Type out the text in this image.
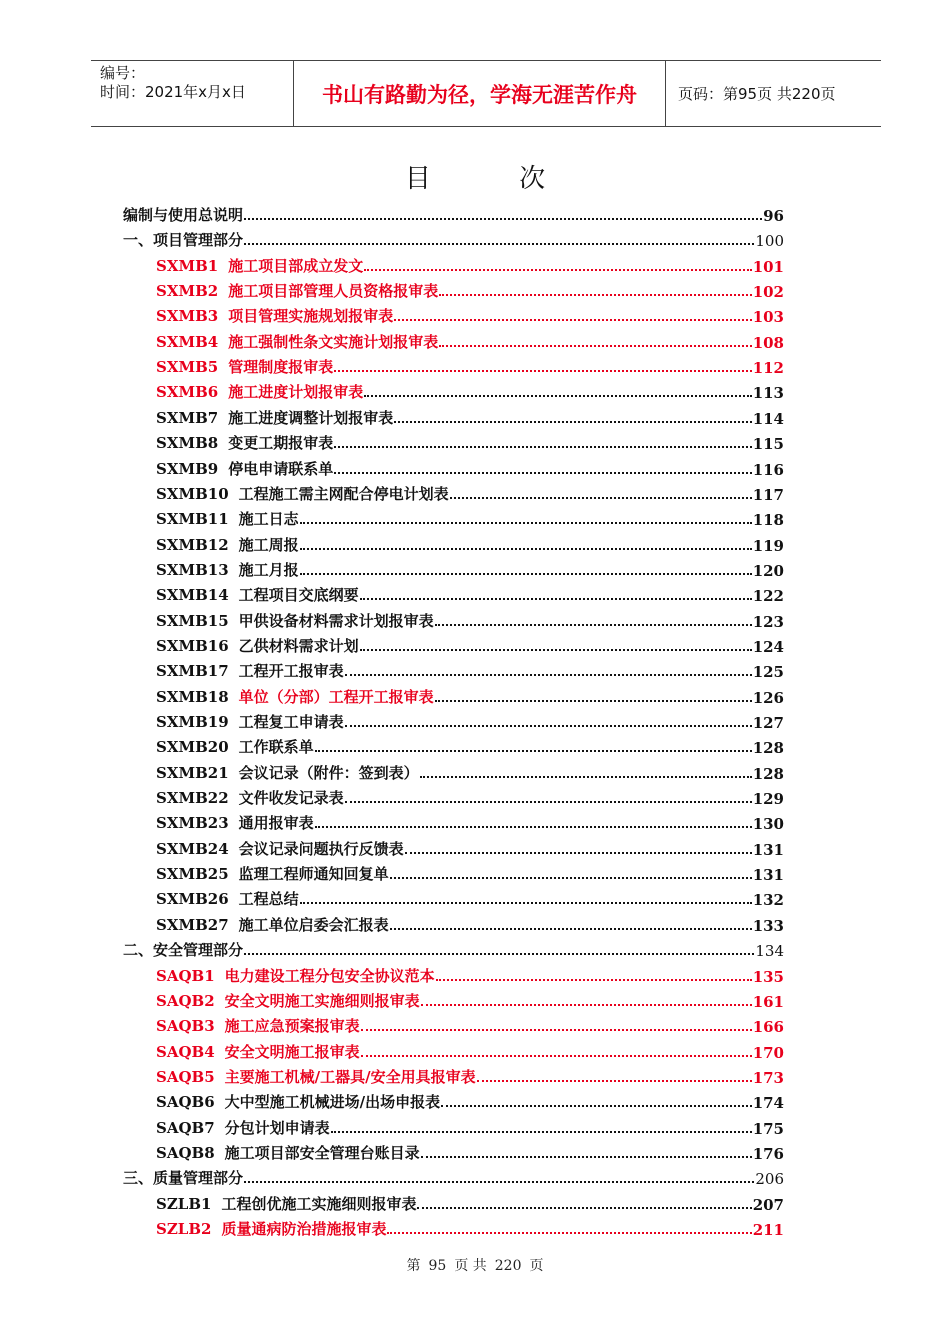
编号：
时间：2021年x月x日	书山有路勤为径，学海无涯苦作舟	页码：第95页 共220页
目 次
编制与使用总说明	96
一、项目管理部分	100
SXMB1 施工项目部成立发文	101
SXMB2 施工项目部管理人员资格报审表	102
SXMB3 项目管理实施规划报审表	103
SXMB4 施工强制性条文实施计划报审表	108
SXMB5 管理制度报审表	112
SXMB6 施工进度计划报审表	113
SXMB7 施工进度调整计划报审表	114
SXMB8 变更工期报审表	115
SXMB9 停电申请联系单	116
SXMB10 工程施工需主网配合停电计划表	117
SXMB11 施工日志	118
SXMB12 施工周报	119
SXMB13 施工月报	120
SXMB14 工程项目交底纲要	122
SXMB15 甲供设备材料需求计划报审表	123
SXMB16 乙供材料需求计划	124
SXMB17 工程开工报审表	125
SXMB18 单位（分部）工程开工报审表	126
SXMB19 工程复工申请表	127
SXMB20 工作联系单	128
SXMB21 会议记录（附件：签到表）	128
SXMB22 文件收发记录表	129
SXMB23 通用报审表	130
SXMB24 会议记录问题执行反馈表	131
SXMB25 监理工程师通知回复单	131
SXMB26 工程总结	132
SXMB27 施工单位启委会汇报表	133
二、安全管理部分	134
SAQB1 电力建设工程分包安全协议范本	135
SAQB2 安全文明施工实施细则报审表	161
SAQB3 施工应急预案报审表	166
SAQB4 安全文明施工报审表	170
SAQB5 主要施工机械/工器具/安全用具报审表	173
SAQB6 大中型施工机械进场/出场申报表	174
SAQB7 分包计划申请表	175
SAQB8 施工项目部安全管理台账目录	176
三、质量管理部分	206
SZLB1 工程创优施工实施细则报审表	207
SZLB2 质量通病防治措施报审表	211
第 95 页 共 220 页
